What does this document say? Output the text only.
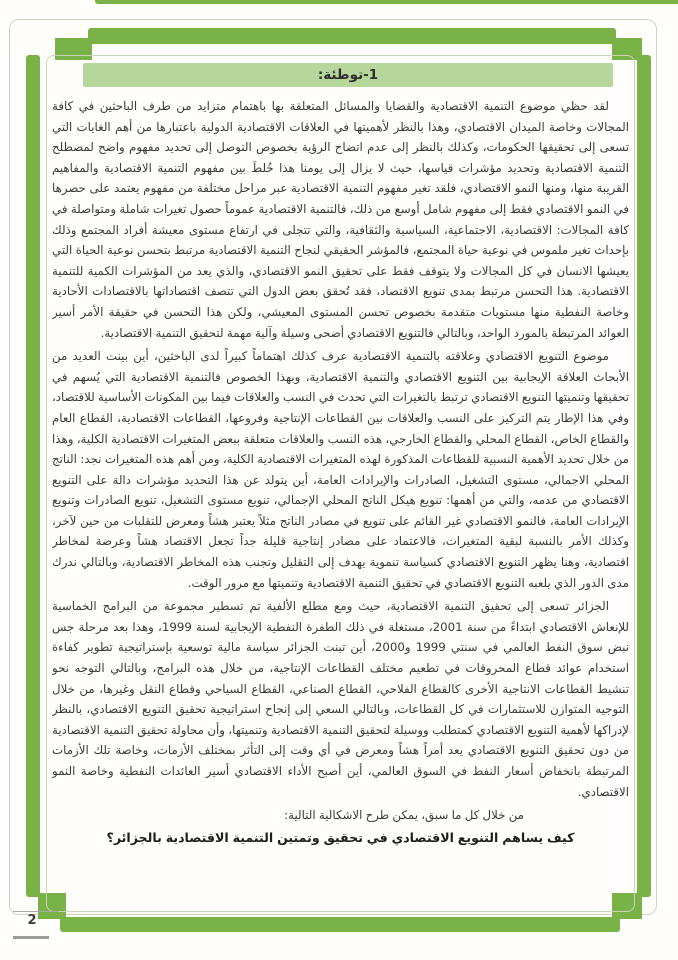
1-توطئة:

لقد حظي موضوع التنمية الاقتصادية والقضايا والمسائل المتعلقة بها باهتمام متزايد من طرف الباحثين في كافة المجالات وخاصة الميدان الاقتصادي، وهذا بالنظر لأهميتها في العلاقات الاقتصادية الدولية باعتبارها من أهم الغايات التي تسعى إلى تحقيقها الحكومات، وكذلك بالنظر إلى عدم اتضاح الرؤية بخصوص التوصل إلى تحديد مفهوم واضح لمصطلح التنمية الاقتصادية وتحديد مؤشرات قياسها، حيث لا يزال إلى يومنا هذا خُلطَ بين مفهوم التنمية الاقتصادية والمفاهيم القريبة منها، ومنها النمو الاقتصادي، فلقد تغير مفهوم التنمية الاقتصادية عبر مراحل مختلفة من مفهوم يعتمد على حصرها في النمو الاقتصادي فقط إلى مفهوم شامل أوسع من ذلك، فالتنمية الاقتصادية عموماً حصول تغيرات شاملة ومتواصلة في كافة المجالات: الاقتصادية، الاجتماعية، السياسية والثقافية، والتي تتجلى في ارتفاع مستوى معيشة أفراد المجتمع وذلك بإحداث تغير ملموس في نوعية حياة المجتمع، فالمؤشر الحقيقي لنجاح التنمية الاقتصادية مرتبط بتحسن نوعية الحياة التي يعيشها الانسان في كل المجالات ولا يتوقف فقط على تحقيق النمو الاقتصادي، والذي يعد من المؤشرات الكمية للتنمية الاقتصادية. هذا التحسن مرتبط بمدى تنويع الاقتصاد، فقد تُحقق بعض الدول التي تتصف اقتصاداتها بالاقتصادات الأحادية وخاصة النفطية منها مستويات متقدمة بخصوص تحسن المستوى المعيشي، ولكن هذا التحسن في حقيقة الأمر أسير العوائد المرتبطة بالمورد الواحد، وبالتالي فالتنويع الاقتصادي أضحى وسيلة وآلية مهمة لتحقيق التنمية الاقتصادية.

موضوع التنويع الاقتصادي وعلاقته بالتنمية الاقتصادية عرف كذلك اهتماماً كبيراً لدى الباحثين، أين بينت العديد من الأبحاث العلاقة الإيجابية بين التنويع الاقتصادي والتنمية الاقتصادية، وبهذا الخصوص فالتنمية الاقتصادية التي يُسهم في تحقيقها وتنميتها التنويع الاقتصادي ترتبط بالتغيرات التي تحدث في النسب والعلاقات فيما بين المكونات الأساسية للاقتصاد، وفي هذا الإطار يتم التركيز على النسب والعلاقات بين القطاعات الإنتاجية وفروعها، القطاعات الاقتصادية، القطاع العام والقطاع الخاص، القطاع المحلي والقطاع الخارجي، هذه النسب والعلاقات متعلقة ببعض المتغيرات الاقتصادية الكلية، وهذا من خلال تحديد الأهمية النسبية للقطاعات المذكورة لهذه المتغيرات الاقتصادية الكلية، ومن أهم هذه المتغيرات نجد: الناتج المحلي الاجمالي، مستوى التشغيل، الصادرات والإيرادات العامة، أين يتولد عن هذا التحديد مؤشرات دالة على التنويع الاقتصادي من عدمه، والتي من أهمها: تنويع هيكل الناتج المحلي الإجمالي، تنويع مستوى التشغيل، تنويع الصادرات وتنويع الإيرادات العامة، فالنمو الاقتصادي غير القائم على تنويع في مصادر الناتج مثلاً يعتبر هشاً ومعرض للتقلبات من حين لآخر، وكذلك الأمر بالنسبة لبقية المتغيرات، فالاعتماد على مصادر إنتاجية قليلة جداً تجعل الاقتصاد هشاً وعرضة لمخاطر اقتصادية، وهنا يظهر التنويع الاقتصادي كسياسة تنموية يهدف إلى التقليل وتجنب هذه المخاطر الاقتصادية، وبالتالي ندرك مدى الدور الذي يلعبه التنويع الاقتصادي في تحقيق التنمية الاقتصادية وتنميتها مع مرور الوقت.

الجزائر تسعى إلى تحقيق التنمية الاقتصادية، حيث ومع مطلع الألفية تم تسطير مجموعة من البرامج الخماسية للإنعاش الاقتصادي ابتداءً من سنة 2001، مستغلة في ذلك الطفرة النفطية الإيجابية لسنة 1999، وهذا بعد مرحلة جس نبض سوق النفط العالمي في سنتي 1999 و2000، أين تبنت الجزائر سياسة مالية توسعية بإستراتيجية تطوير كفاءة استخدام عوائد قطاع المحروقات في تطعيم مختلف القطاعات الإنتاجية، من خلال هذه البرامج، وبالتالي التوجه نحو تنشيط القطاعات الانتاجية الأخرى كالقطاع الفلاحي، القطاع الصناعي، القطاع السياحي وقطاع النقل وغيرها، من خلال التوجيه المتوازن للاستثمارات في كل القطاعات، وبالتالي السعي إلى إنجاح استراتيجية تحقيق التنويع الاقتصادي، بالنظر لإدراكها لأهمية التنويع الاقتصادي كمتطلب ووسيلة لتحقيق التنمية الاقتصادية وتنميتها، وأن محاولة تحقيق التنمية الاقتصادية من دون تحقيق التنويع الاقتصادي يعد أمراً هشاً ومعرض في أي وقت إلى التأثر بمختلف الأزمات، وخاصة تلك الأزمات المرتبطة بانخفاض أسعار النفط في السوق العالمي، أين أصبح الأداء الاقتصادي أسير العائدات النفطية وخاصة النمو الاقتصادي.

من خلال كل ما سبق، يمكن طرح الاشكالية التالية:

كيف يساهم التنويع الاقتصادي في تحقيق وتمتين التنمية الاقتصادية بالجزائر؟

2
